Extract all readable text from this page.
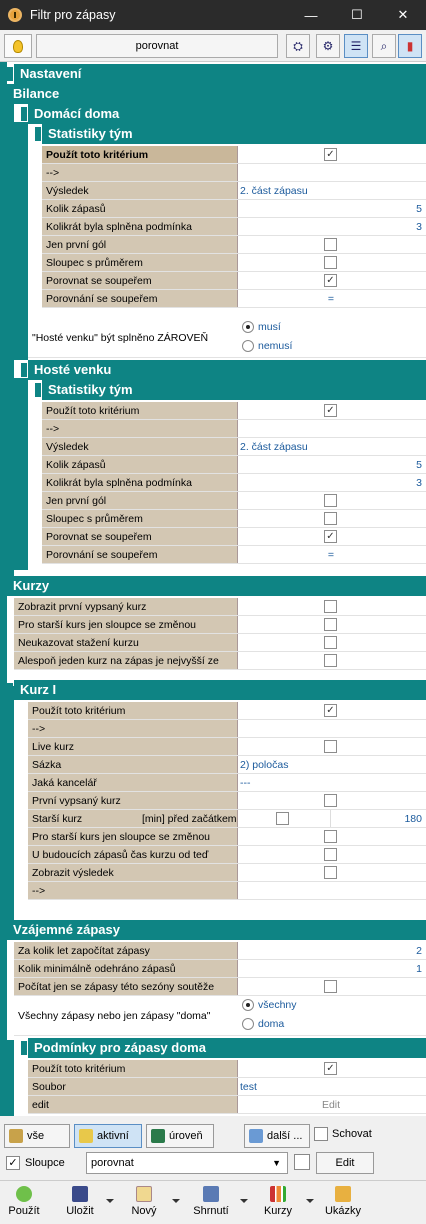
Filtr pro zápasy	—	☐	✕
porovnat	⛭ ⚙ ☰ ⌕ ▮
Nastavení
Bilance
Domácí doma
Statistiky tým
Použít toto kritérium	✓
-->
Výsledek	2. část zápasu
Kolik zápasů	5
Kolikrát byla splněna podmínka	3
Jen první gól
Sloupec s průměrem
Porovnat se soupeřem	✓
Porovnání se soupeřem	=
"Hosté venku" být splněno ZÁROVEŇ
musí
nemusí
Hosté venku
Statistiky tým
Použít toto kritérium	✓
-->
Výsledek	2. část zápasu
Kolik zápasů	5
Kolikrát byla splněna podmínka	3
Jen první gól
Sloupec s průměrem
Porovnat se soupeřem	✓
Porovnání se soupeřem	=
Kurzy
Zobrazit první vypsaný kurz
Pro starší kurs jen sloupce se změnou
Neukazovat stažení kurzu
Alespoň jeden kurz na zápas je nejvyšší ze
Kurz I
Použít toto kritérium	✓
-->
Live kurz
Sázka	2) poločas
Jaká kancelář	---
První vypsaný kurz
Starší kurz	[min] před začátkem	180
Pro starší kurs jen sloupce se změnou
U budoucích zápasů čas kurzu od teď
Zobrazit výsledek
-->
Vzájemné zápasy
Za kolik let započítat zápasy	2
Kolik minimálně odehráno zápasů	1
Počítat jen se zápasy této sezóny soutěže
Všechny zápasy nebo jen zápasy "doma"
všechny
doma
Podmínky pro zápasy doma
Použít toto kritérium	✓
Soubor	test
edit	Edit
vše	aktivní	úroveň	další ...	Schovat
✓ Sloupce	porovnat	▼	Edit
Použít	Uložit	Nový	Shrnutí	Kurzy	Ukázky
